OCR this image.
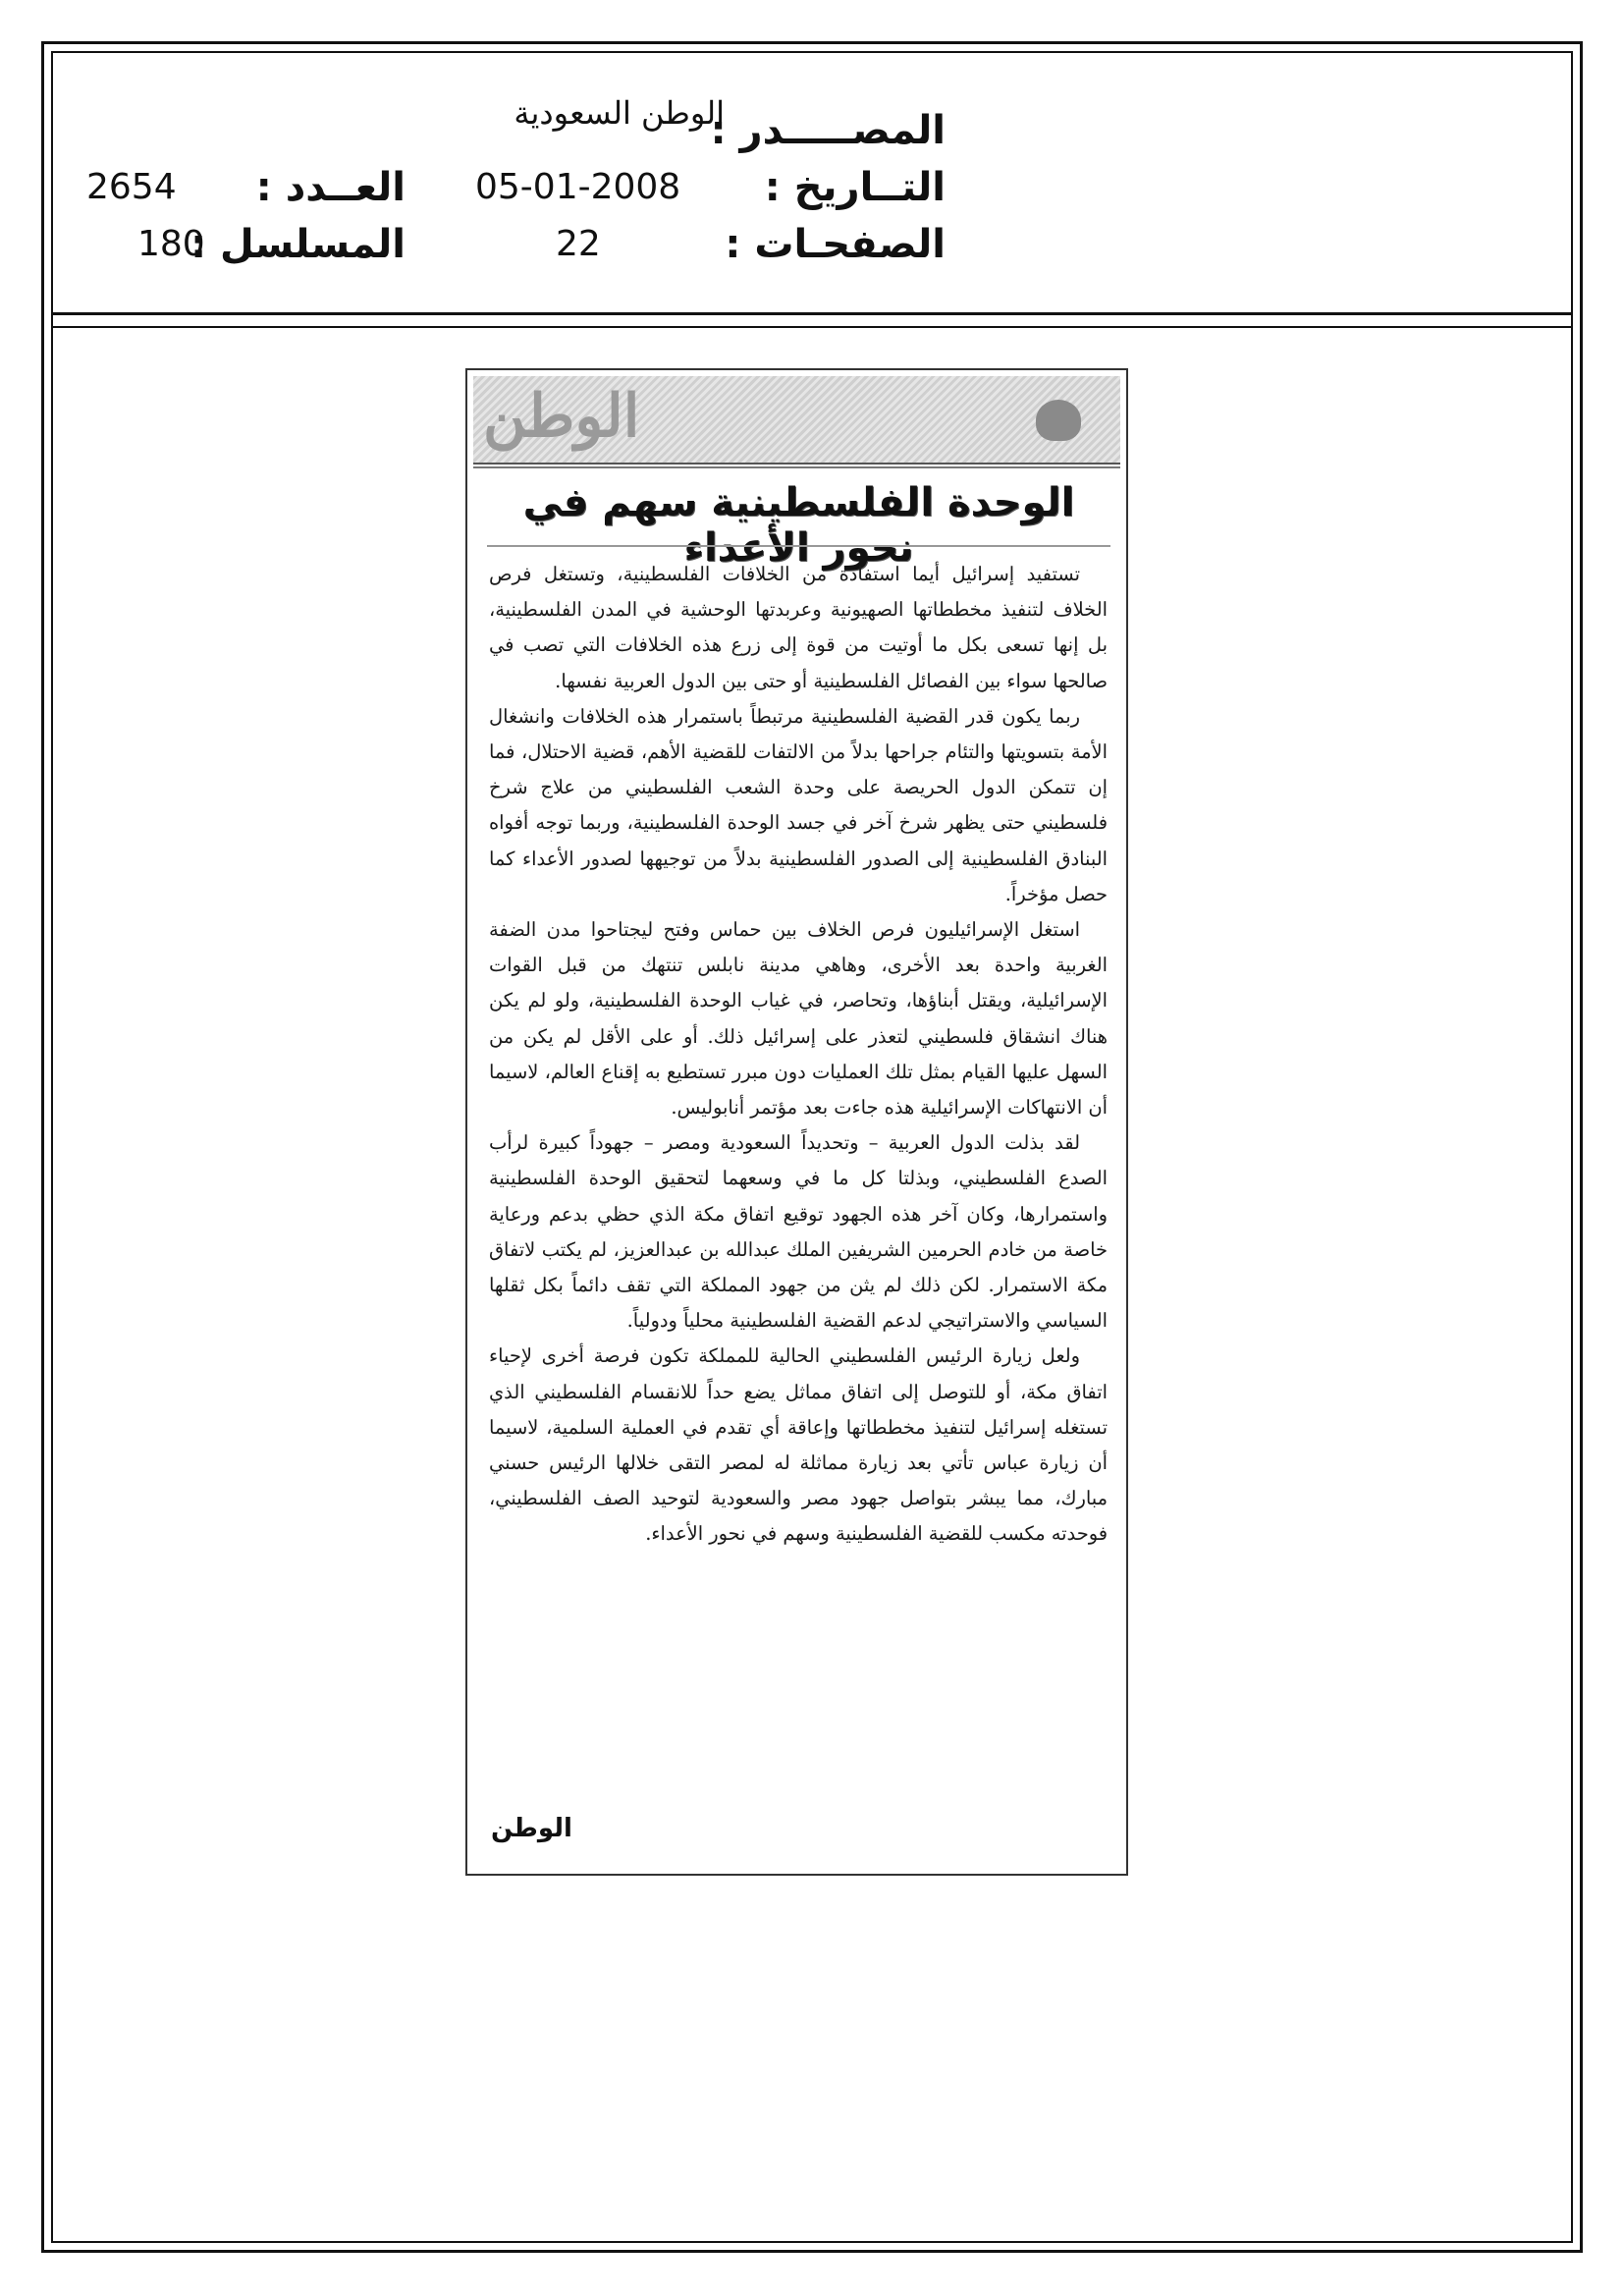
المصـــــدر :
الوطن السعودية
التــاريخ :
05-01-2008
العــدد :
2654
الصفحـات :
22
المسلسل :
180
الوطن
الوحدة الفلسطينية سهم في نحور الأعداء

تستفيد إسرائيل أيما استفادة من الخلافات الفلسطينية، وتستغل فرص الخلاف لتنفيذ مخططاتها الصهيونية وعربدتها الوحشية في المدن الفلسطينية، بل إنها تسعى بكل ما أوتيت من قوة إلى زرع هذه الخلافات التي تصب في صالحها سواء بين الفصائل الفلسطينية أو حتى بين الدول العربية نفسها.

ربما يكون قدر القضية الفلسطينية مرتبطاً باستمرار هذه الخلافات وانشغال الأمة بتسويتها والتئام جراحها بدلاً من الالتفات للقضية الأهم، قضية الاحتلال، فما إن تتمكن الدول الحريصة على وحدة الشعب الفلسطيني من علاج شرخ فلسطيني حتى يظهر شرخ آخر في جسد الوحدة الفلسطينية، وربما توجه أفواه البنادق الفلسطينية إلى الصدور الفلسطينية بدلاً من توجيهها لصدور الأعداء كما حصل مؤخراً.

استغل الإسرائيليون فرص الخلاف بين حماس وفتح ليجتاحوا مدن الضفة الغربية واحدة بعد الأخرى، وهاهي مدينة نابلس تنتهك من قبل القوات الإسرائيلية، ويقتل أبناؤها، وتحاصر، في غياب الوحدة الفلسطينية، ولو لم يكن هناك انشقاق فلسطيني لتعذر على إسرائيل ذلك. أو على الأقل لم يكن من السهل عليها القيام بمثل تلك العمليات دون مبرر تستطيع به إقناع العالم، لاسيما أن الانتهاكات الإسرائيلية هذه جاءت بعد مؤتمر أنابوليس.

لقد بذلت الدول العربية – وتحديداً السعودية ومصر – جهوداً كبيرة لرأب الصدع الفلسطيني، وبذلتا كل ما في وسعهما لتحقيق الوحدة الفلسطينية واستمرارها، وكان آخر هذه الجهود توقيع اتفاق مكة الذي حظي بدعم ورعاية خاصة من خادم الحرمين الشريفين الملك عبدالله بن عبدالعزيز، لم يكتب لاتفاق مكة الاستمرار. لكن ذلك لم يثن من جهود المملكة التي تقف دائماً بكل ثقلها السياسي والاستراتيجي لدعم القضية الفلسطينية محلياً ودولياً.

ولعل زيارة الرئيس الفلسطيني الحالية للمملكة تكون فرصة أخرى لإحياء اتفاق مكة، أو للتوصل إلى اتفاق مماثل يضع حداً للانقسام الفلسطيني الذي تستغله إسرائيل لتنفيذ مخططاتها وإعاقة أي تقدم في العملية السلمية، لاسيما أن زيارة عباس تأتي بعد زيارة مماثلة له لمصر التقى خلالها الرئيس حسني مبارك، مما يبشر بتواصل جهود مصر والسعودية لتوحيد الصف الفلسطيني، فوحدته مكسب للقضية الفلسطينية وسهم في نحور الأعداء.

الوطن
